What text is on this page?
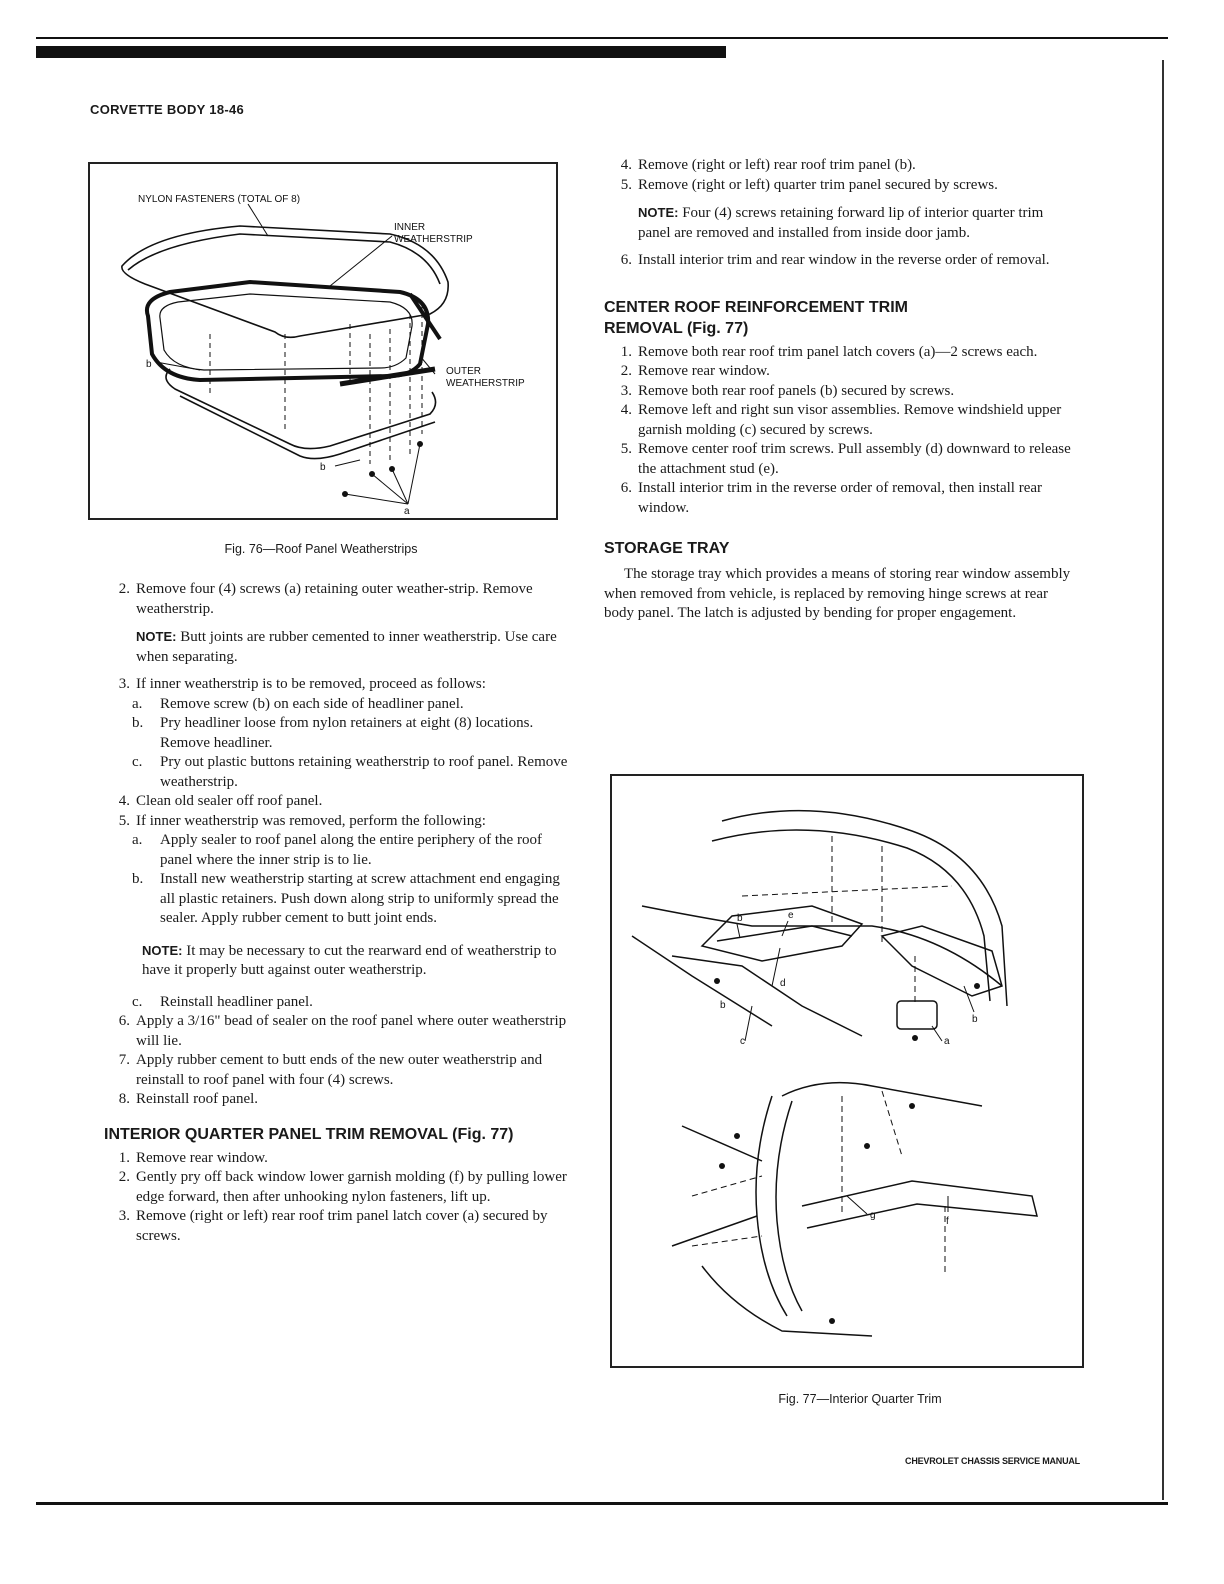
CORVETTE BODY 18-46
NYLON FASTENERS (TOTAL OF 8)
INNER
WEATHERSTRIP
OUTER
WEATHERSTRIP
b
b
a
Fig. 76—Roof Panel Weatherstrips
2. Remove four (4) screws (a) retaining outer weather-strip. Remove weatherstrip.
NOTE: Butt joints are rubber cemented to inner weatherstrip. Use care when separating.
3. If inner weatherstrip is to be removed, proceed as follows:
a.	Remove screw (b) on each side of headliner panel.
b.	Pry headliner loose from nylon retainers at eight (8) locations. Remove headliner.
c.	Pry out plastic buttons retaining weatherstrip to roof panel. Remove weatherstrip.
4. Clean old sealer off roof panel.
5. If inner weatherstrip was removed, perform the following:
a.	Apply sealer to roof panel along the entire periphery of the roof panel where the inner strip is to lie.
b.	Install new weatherstrip starting at screw attachment end engaging all plastic retainers. Push down along strip to uniformly spread the sealer. Apply rubber cement to butt joint ends.
NOTE: It may be necessary to cut the rearward end of weatherstrip to have it properly butt against outer weatherstrip.
c.	Reinstall headliner panel.
6. Apply a 3/16" bead of sealer on the roof panel where outer weatherstrip will lie.
7. Apply rubber cement to butt ends of the new outer weatherstrip and reinstall to roof panel with four (4) screws.
8. Reinstall roof panel.
INTERIOR QUARTER PANEL TRIM REMOVAL (Fig. 77)
1. Remove rear window.
2. Gently pry off back window lower garnish molding (f) by pulling lower edge forward, then after unhooking nylon fasteners, lift up.
3. Remove (right or left) rear roof trim panel latch cover (a) secured by screws.
4. Remove (right or left) rear roof trim panel (b).
5. Remove (right or left) quarter trim panel secured by screws.
NOTE: Four (4) screws retaining forward lip of interior quarter trim panel are removed and installed from inside door jamb.
6. Install interior trim and rear window in the reverse order of removal.
CENTER ROOF REINFORCEMENT TRIM REMOVAL (Fig. 77)
1. Remove both rear roof trim panel latch covers (a)—2 screws each.
2. Remove rear window.
3. Remove both rear roof panels (b) secured by screws.
4. Remove left and right sun visor assemblies. Remove windshield upper garnish molding (c) secured by screws.
5. Remove center roof trim screws. Pull assembly (d) downward to release the attachment stud (e).
6. Install interior trim in the reverse order of removal, then install rear window.
STORAGE TRAY
The storage tray which provides a means of storing rear window assembly when removed from vehicle, is replaced by removing hinge screws at rear body panel. The latch is adjusted by bending for proper engagement.
b	e
d
b
c	a
b
g
f
Fig. 77—Interior Quarter Trim
CHEVROLET CHASSIS SERVICE MANUAL
